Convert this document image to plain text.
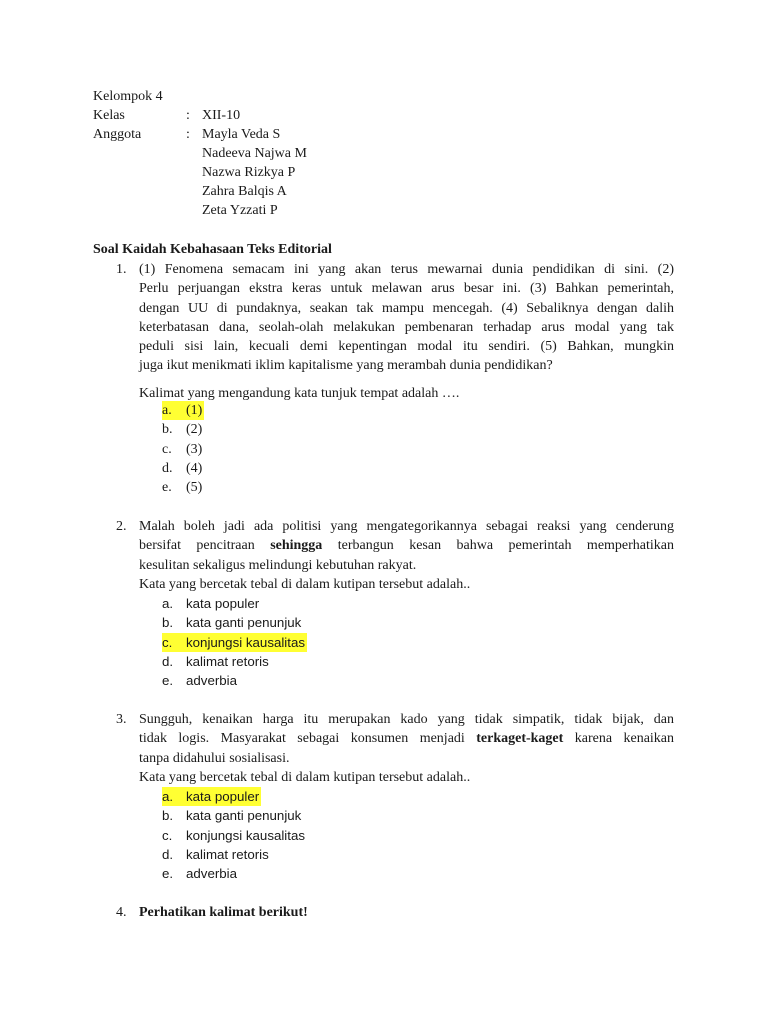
Kelompok 4
Kelas	: XII-10
Anggota	: Mayla Veda S
Nadeeva Najwa M
Nazwa Rizkya P
Zahra Balqis A
Zeta Yzzati P
Soal Kaidah Kebahasaan Teks Editorial
1. (1) Fenomena semacam ini yang akan terus mewarnai dunia pendidikan di sini. (2)
Perlu perjuangan ekstra keras untuk melawan arus besar ini. (3) Bahkan pemerintah,
dengan UU di pundaknya, seakan tak mampu mencegah. (4) Sebaliknya dengan dalih
keterbatasan dana, seolah-olah melakukan pembenaran terhadap arus modal yang tak
peduli sisi lain, kecuali demi kepentingan modal itu sendiri. (5) Bahkan, mungkin
juga ikut menikmati iklim kapitalisme yang merambah dunia pendidikan?
Kalimat yang mengandung kata tunjuk tempat adalah ….
a.	(1)
b. (2)
c.	(3)
d. (4)
e.	(5)
2. Malah boleh jadi ada politisi yang mengategorikannya sebagai reaksi yang cenderung
bersifat pencitraan sehingga terbangun kesan bahwa pemerintah memperhatikan
kesulitan sekaligus melindungi kebutuhan rakyat.
Kata yang bercetak tebal di dalam kutipan tersebut adalah..
a. kata populer
b. kata ganti penunjuk
c.	konjungsi kausalitas
d. kalimat retoris
e. adverbia
3. Sungguh, kenaikan harga itu merupakan kado yang tidak simpatik, tidak bijak, dan
tidak logis. Masyarakat sebagai konsumen menjadi terkaget-kaget karena kenaikan
tanpa didahului sosialisasi.
Kata yang bercetak tebal di dalam kutipan tersebut adalah..
a. kata populer
b. kata ganti penunjuk
c.	konjungsi kausalitas
d. kalimat retoris
e. adverbia
4. Perhatikan kalimat berikut!
